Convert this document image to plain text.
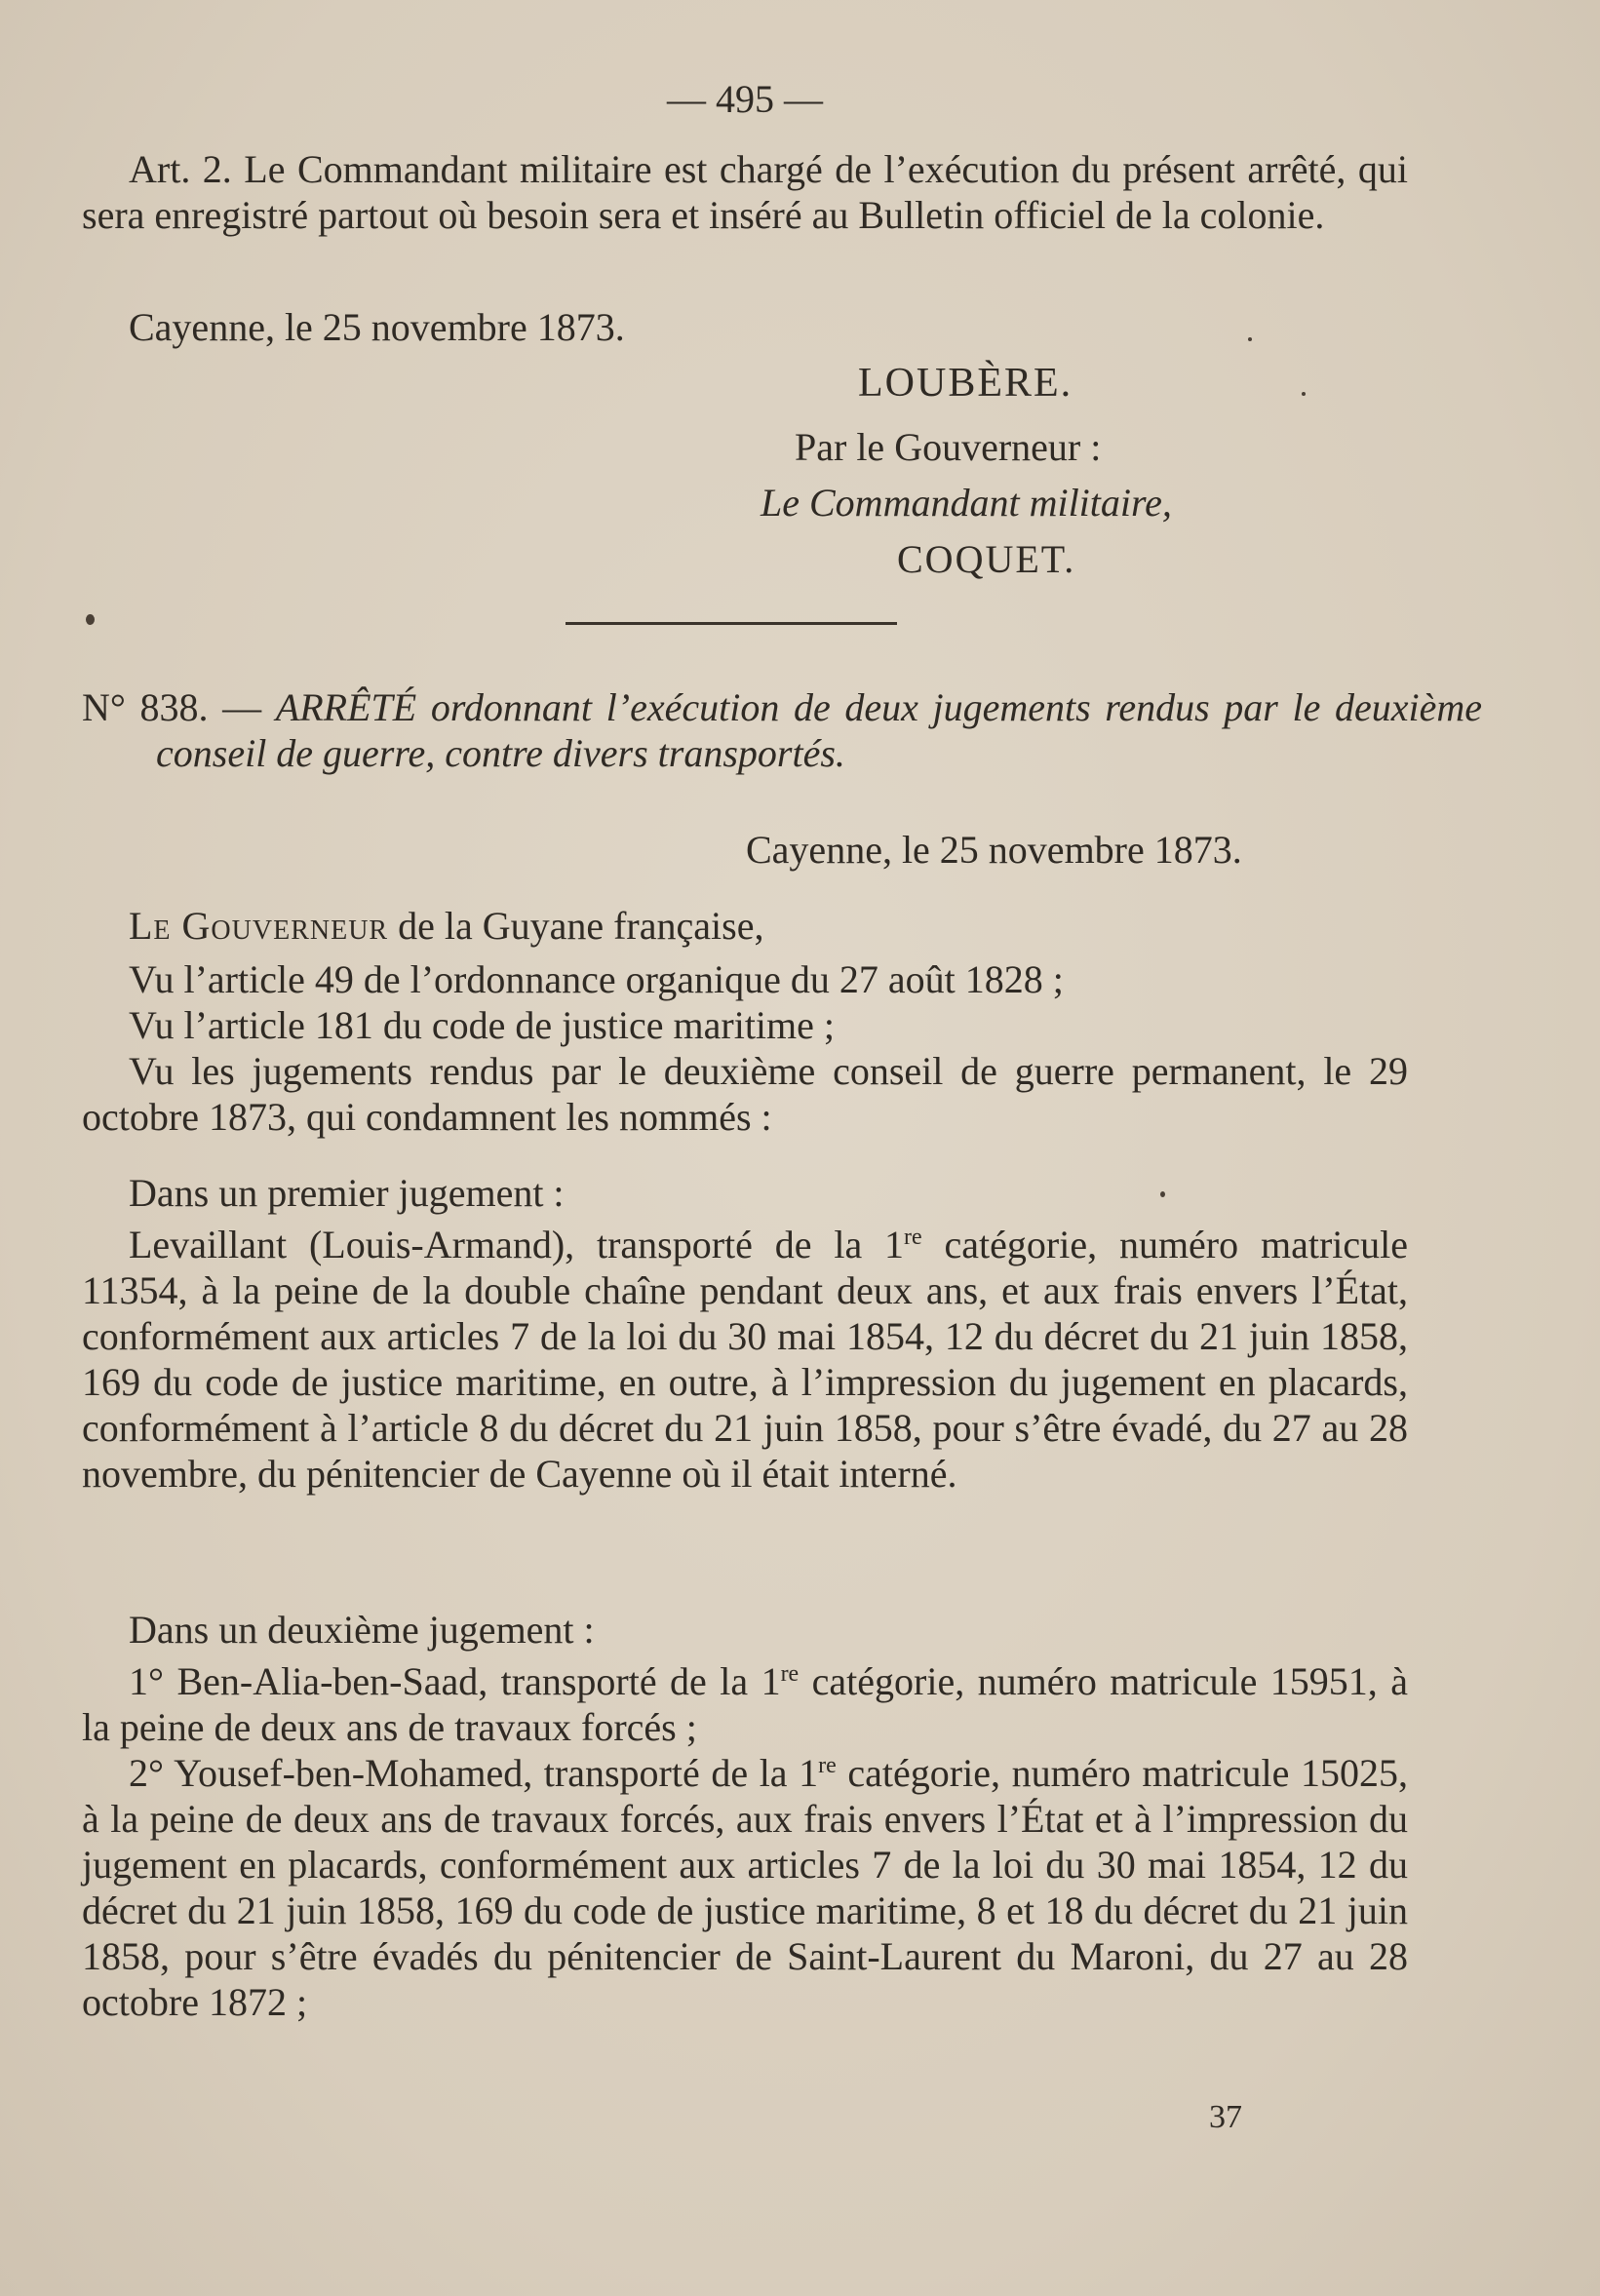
— 495 —
Art. 2. Le Commandant militaire est chargé de l’exécution du présent arrêté, qui sera enregistré partout où besoin sera et inséré au Bulletin officiel de la colonie.
Cayenne, le 25 novembre 1873.
LOUBÈRE.
Par le Gouverneur :
Le Commandant militaire,
COQUET.
N° 838. — ARRÊTÉ ordonnant l’exécution de deux jugements rendus par le deuxième conseil de guerre, contre divers transportés.
Cayenne, le 25 novembre 1873.

Le Gouverneur de la Guyane française,

Vu l’article 49 de l’ordonnance organique du 27 août 1828 ;

Vu l’article 181 du code de justice maritime ;

Vu les jugements rendus par le deuxième conseil de guerre permanent, le 29 octobre 1873, qui condamnent les nommés :

Dans un premier jugement :

Levaillant (Louis-Armand), transporté de la 1re catégorie, numéro matricule 11354, à la peine de la double chaîne pendant deux ans, et aux frais envers l’État, conformément aux articles 7 de la loi du 30 mai 1854, 12 du décret du 21 juin 1858, 169 du code de justice maritime, en outre, à l’impression du jugement en placards, conformément à l’article 8 du décret du 21 juin 1858, pour s’être évadé, du 27 au 28 novembre, du pénitencier de Cayenne où il était interné.

Dans un deuxième jugement :

1° Ben-Alia-ben-Saad, transporté de la 1re catégorie, numéro matricule 15951, à la peine de deux ans de travaux forcés ;

2° Yousef-ben-Mohamed, transporté de la 1re catégorie, numéro matricule 15025, à la peine de deux ans de travaux forcés, aux frais envers l’État et à l’impression du jugement en placards, conformément aux articles 7 de la loi du 30 mai 1854, 12 du décret du 21 juin 1858, 169 du code de justice maritime, 8 et 18 du décret du 21 juin 1858, pour s’être évadés du pénitencier de Saint-Laurent du Maroni, du 27 au 28 octobre 1872 ;

37
